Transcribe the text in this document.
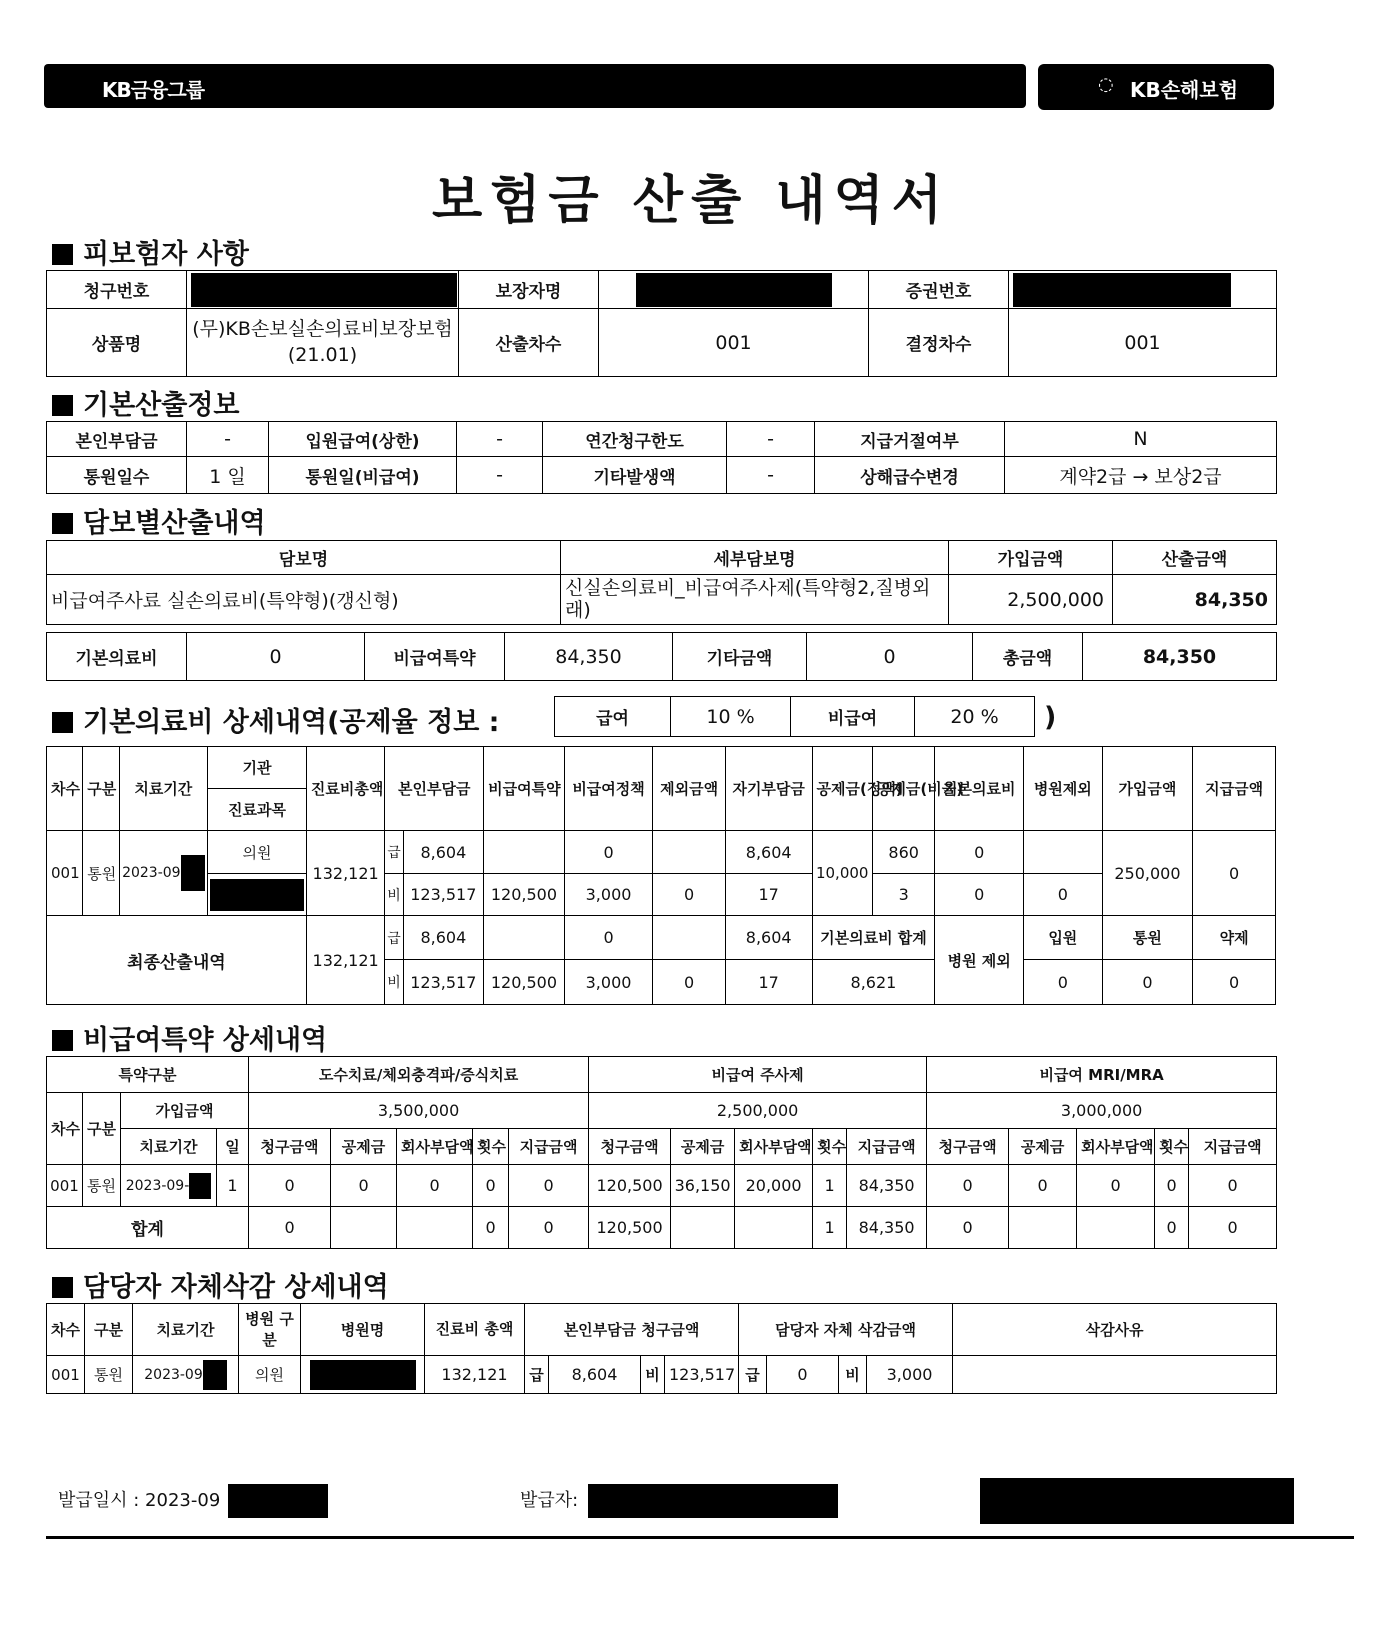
KB금융그룹	◌ KB손해보험
보험금 산출 내역서
피보험자 사항
청구번호		보장자명		증권번호	
상품명	(무)KB손보실손의료비보장보험(21.01)	산출차수	001	결정차수	001
기본산출정보
본인부담금	-	입원급여(상한)	-	연간청구한도	-	지급거절여부	N
통원일수	1 일	통원일(비급여)	-	기타발생액	-	상해급수변경	계약2급 → 보상2급
담보별산출내역
담보명	세부담보명	가입금액	산출금액
비급여주사료 실손의료비(특약형)(갱신형)	신실손의료비_비급여주사제(특약형2,질병외래)	2,500,000	84,350
기본의료비	0	비급여특약	84,350	기타금액	0	총금액	84,350
기본의료비 상세내역(공제율 정보 :	급여	10 %	비급여	20 % )
차수	구분	치료기간	기관	진료비총액	본인부담금		비급여특약	비급여정책	제외금액	자기부담금	공제금(정액)	공제금(비율)	기본의료비	병원제외	가입금액	지급금액
			진료과목													
001	통원	2023-09	의원	132,121	급	8,604		0		8,604	10,000	860	0		250,000	0
					비	123,517	120,500	3,000	0	17		3	0	0		
최종산출내역				132,121	급	8,604		0		8,604	기본의료비 합계		병원 제외	입원	통원	약제
					비	123,517	120,500	3,000	0	17	8,621			0	0	0
비급여특약 상세내역
특약구분				도수치료/체외충격파/증식치료					비급여 주사제					비급여 MRI/MRA				
차수	구분	가입금액		3,500,000					2,500,000					3,000,000				
		치료기간	일	청구금액	공제금	회사부담액	횟수	지급금액	청구금액	공제금	회사부담액	횟수	지급금액	청구금액	공제금	회사부담액	횟수	지급금액
001	통원	2023-09-	1	0	0	0	0	0	120,500	36,150	20,000	1	84,350	0	0	0	0	0
합계				0			0	0	120,500			1	84,350	0			0	0
담당자 자체삭감 상세내역
차수	구분	치료기간	병원 구분	병원명	진료비 총액	본인부담금 청구금액				담당자 자체 삭감금액				삭감사유
001	통원	2023-09	의원		132,121	급	8,604	비	123,517	급	0	비	3,000	
발급일시 : 2023-09	발급자:
